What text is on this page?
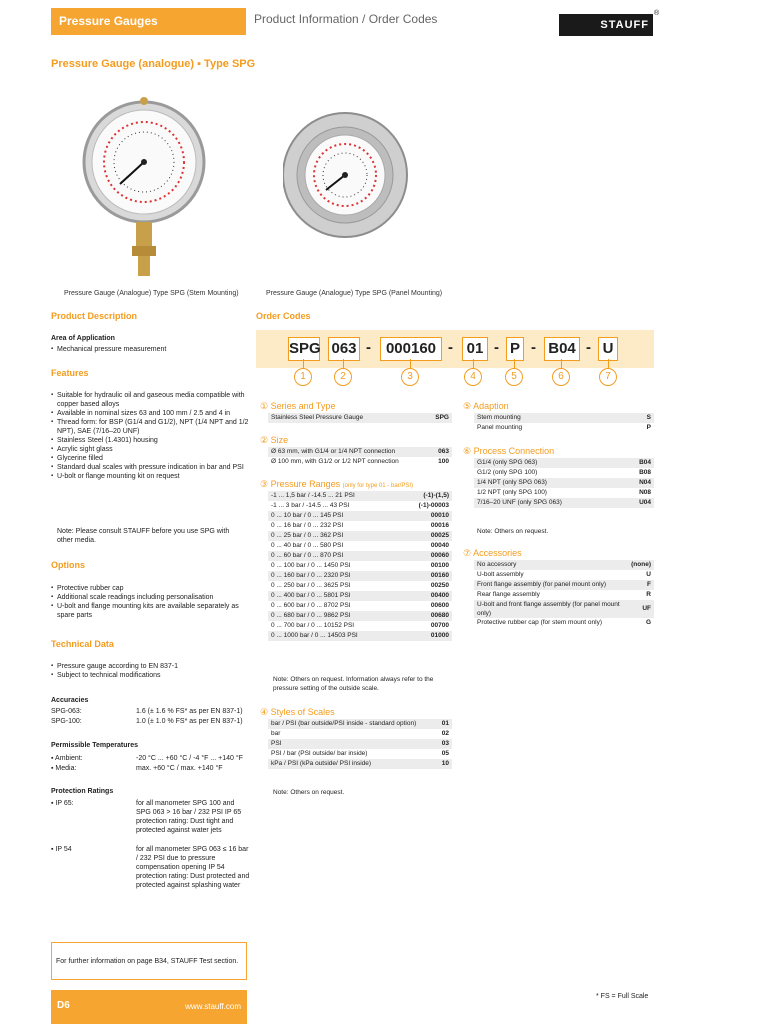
Pressure Gauges (analogue/digital)
Product Information / Order Codes	STAUFF
®
Pressure Gauge (analogue) ▪ Type SPG
Pressure Gauge (Analogue) Type SPG (Stem Mounting)	Pressure Gauge (Analogue) Type SPG (Panel Mounting)
Product Description
Area of Application
▪ Mechanical pressure measurement
Features
▪ Suitable for hydraulic oil and gaseous media compatible with copper based alloys
▪ Available in nominal sizes 63 and 100 mm / 2.5 and 4 in
▪ Thread form: for BSP (G1/4 and G1/2), NPT (1/4 NPT and 1/2 NPT), SAE (7/16–20 UNF)
▪ Stainless Steel (1.4301) housing
▪ Acrylic sight glass
▪ Glycerine filled
▪ Standard dual scales with pressure indication in bar and PSI
▪ U-bolt or flange mounting kit on request
Note: Please consult STAUFF before you use SPG with other media.
Options
▪ Protective rubber cap
▪ Additional scale readings including personalisation
▪ U-bolt and flange mounting kits are available separately as spare parts
Technical Data
▪ Pressure gauge according to EN 837-1
▪ Subject to technical modifications
Accuracies
SPG-063:	1.6 (± 1.6 % FS* as per EN 837-1)
SPG-100:	1.0 (± 1.0 % FS* as per EN 837-1)
Permissible Temperatures
▪ Ambient:	-20 °C ... +60 °C / -4 °F ... +140 °F
▪ Media:	max. +60 °C / max. +140 °F
Protection Ratings
▪ IP 65:	for all manometer SPG 100 and SPG 063 > 16 bar / 232 PSI IP 65 protection rating: Dust tight and protected against water jets
▪ IP 54	for all manometer SPG 063 ≤ 16 bar / 232 PSI due to pressure compensation opening IP 54 protection rating: Dust protected and protected against splashing water
Order Codes
SPG 063 - 000160 - 01 - P - B04 - U
1	2	3	4	5	6	7
① Series and Type
Stainless Steel Pressure Gauge	SPG
② Size
Ø 63 mm, with G1/4 or 1/4 NPT connection	063
Ø 100 mm, with G1/2 or 1/2 NPT connection	100
③ Pressure Ranges (only for type 01 - bar/PSI)
-1 ... 1,5 bar / -14.5 ... 21 PSI	(-1)-(1,5)
-1 ... 3 bar / -14.5 ... 43 PSI	(-1)-00003
0 ... 10 bar / 0 ... 145 PSI	00010
0 ... 16 bar / 0 ... 232 PSI	00016
0 ... 25 bar / 0 ... 362 PSI	00025
0 ... 40 bar / 0 ... 580 PSI	00040
0 ... 60 bar / 0 ... 870 PSI	00060
0 ... 100 bar / 0 ... 1450 PSI	00100
0 ... 160 bar / 0 ... 2320 PSI	00160
0 ... 250 bar / 0 ... 3625 PSI	00250
0 ... 400 bar / 0 ... 5801 PSI	00400
0 ... 600 bar / 0 ... 8702 PSI	00600
0 ... 680 bar / 0 ... 9862 PSI	00680
0 ... 700 bar / 0 ... 10152 PSI	00700
0 ... 1000 bar / 0 ... 14503 PSI	01000
Note: Others on request. Information always refer to the pressure setting of the outside scale.
④ Styles of Scales
bar / PSI (bar outside/PSI inside - standard option)	01
bar	02
PSI	03
PSI / bar (PSI outside/ bar inside)	05
kPa / PSI (kPa outside/ PSI inside)	10
Note: Others on request.
⑤ Adaption
Stem mounting	S
Panel mounting	P
⑥ Process Connection
G1/4 (only SPG 063)	B04
G1/2 (only SPG 100)	B08
1/4 NPT (only SPG 063)	N04
1/2 NPT (only SPG 100)	N08
7/16–20 UNF (only SPG 063)	U04
Note: Others on request.
⑦ Accessories
No accessory	(none)
U-bolt assembly	U
Front flange assembly (for panel mount only)	F
Rear flange assembly	R
U-bolt and front flange assembly (for panel mount only)	UF
Protective rubber cap (for stem mount only)	G
For further information on page B34, STAUFF Test section.
D6	www.stauff.com
* FS = Full Scale
